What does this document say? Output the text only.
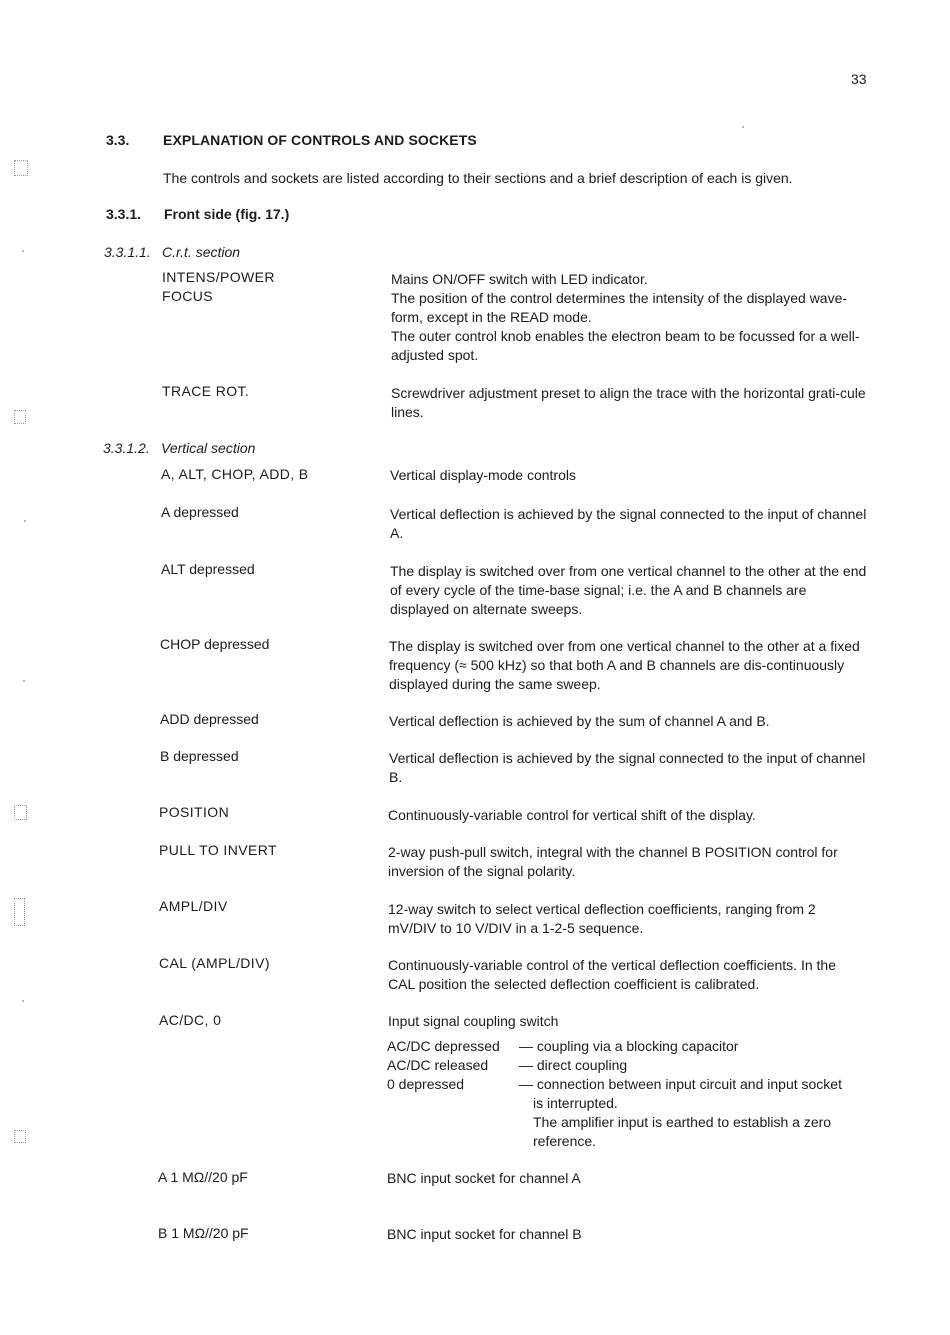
33
3.3. EXPLANATION OF CONTROLS AND SOCKETS
The controls and sockets are listed according to their sections and a brief description of each is given.
3.3.1. Front side (fig. 17.)
3.3.1.1. C.r.t. section
INTENS/POWER	Mains ON/OFF switch with LED indicator.
FOCUS	The position of the control determines the intensity of the displayed wave-form, except in the READ mode.
The outer control knob enables the electron beam to be focussed for a well-adjusted spot.
TRACE ROT.	Screwdriver adjustment preset to align the trace with the horizontal grati-cule lines.
3.3.1.2. Vertical section
A, ALT, CHOP, ADD, B	Vertical display-mode controls
A depressed	Vertical deflection is achieved by the signal connected to the input of channel A.
ALT depressed	The display is switched over from one vertical channel to the other at the end of every cycle of the time-base signal; i.e. the A and B channels are displayed on alternate sweeps.
CHOP depressed	The display is switched over from one vertical channel to the other at a fixed frequency (≈ 500 kHz) so that both A and B channels are dis-continuously displayed during the same sweep.
ADD depressed	Vertical deflection is achieved by the sum of channel A and B.
B depressed	Vertical deflection is achieved by the signal connected to the input of channel B.
POSITION	Continuously-variable control for vertical shift of the display.
PULL TO INVERT	2-way push-pull switch, integral with the channel B POSITION control for inversion of the signal polarity.
AMPL/DIV	12-way switch to select vertical deflection coefficients, ranging from 2 mV/DIV to 10 V/DIV in a 1-2-5 sequence.
CAL (AMPL/DIV)	Continuously-variable control of the vertical deflection coefficients. In the CAL position the selected deflection coefficient is calibrated.
AC/DC, 0	Input signal coupling switch
AC/DC depressed — coupling via a blocking capacitor
AC/DC released — direct coupling
0 depressed	— connection between input circuit and input socket
is interrupted.
The amplifier input is earthed to establish a zero
reference.
A 1 MΩ//20 pF	BNC input socket for channel A
B 1 MΩ//20 pF	BNC input socket for channel B
